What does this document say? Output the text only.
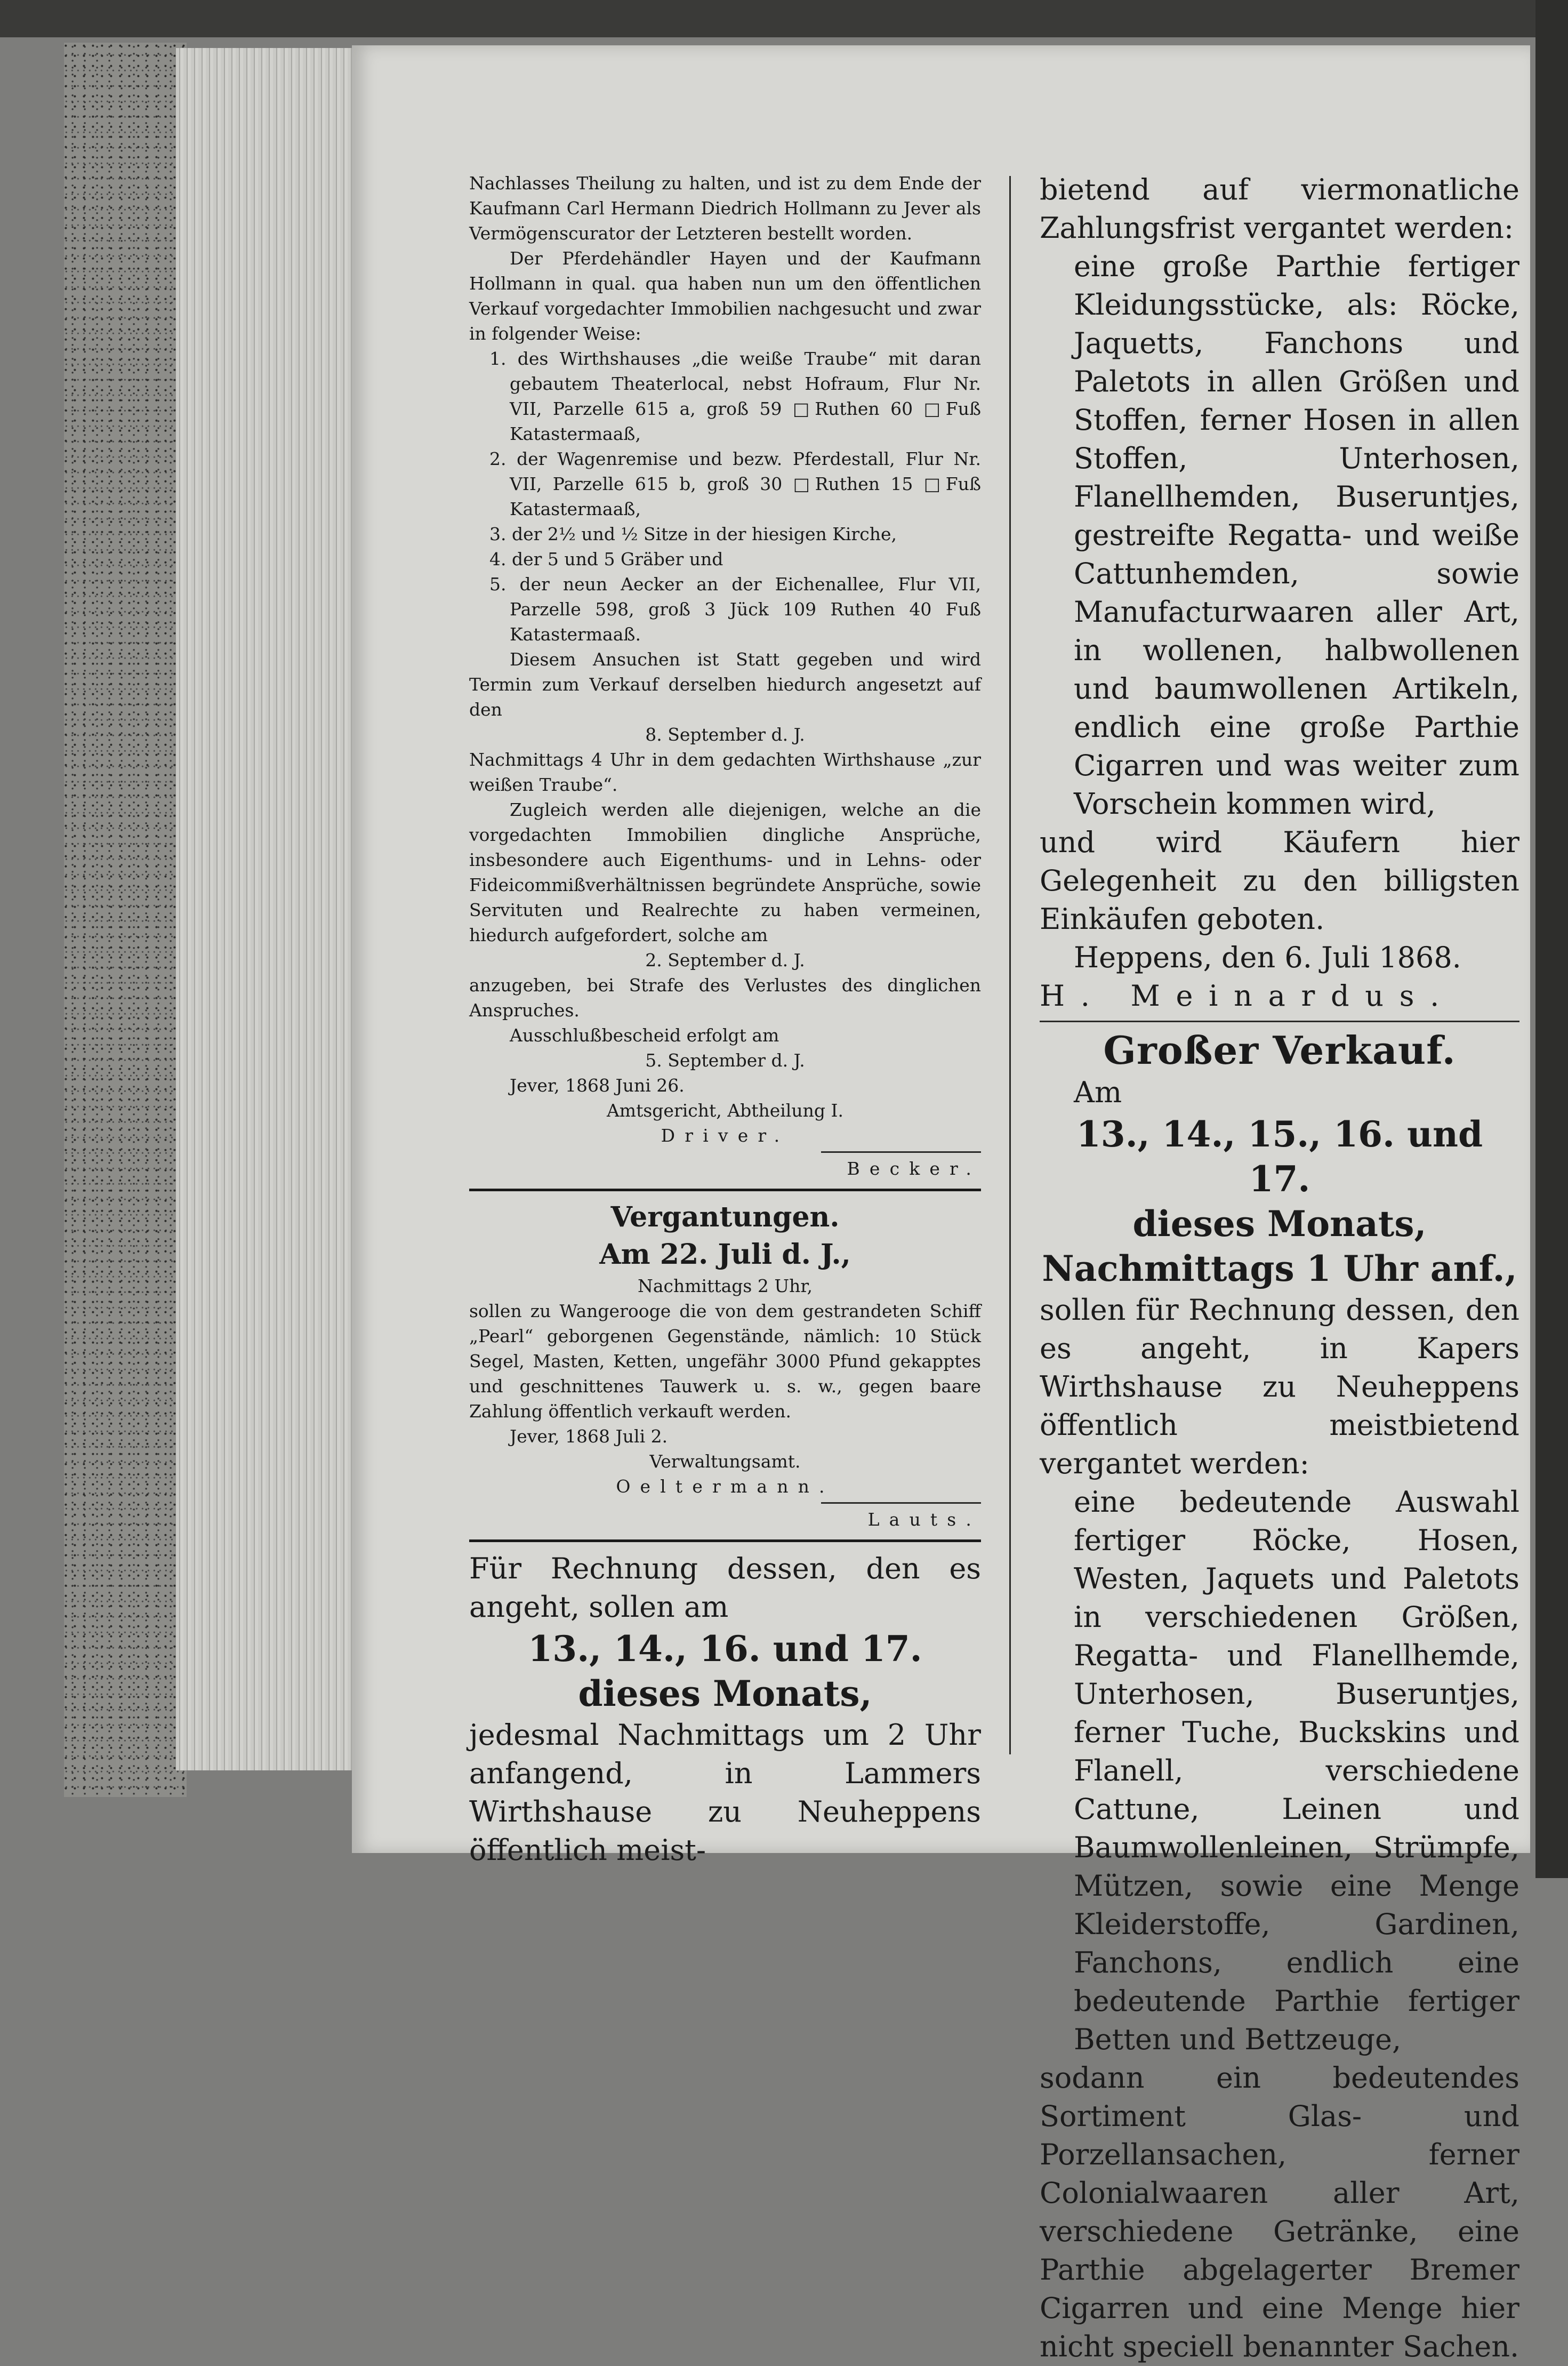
Nachlasses Theilung zu halten, und ist zu dem Ende der Kaufmann Carl Hermann Diedrich Hollmann zu Jever als Vermögenscurator der Letzteren bestellt worden.

Der Pferdehändler Hayen und der Kaufmann Hollmann in qual. qua haben nun um den öffentlichen Verkauf vorgedachter Immobilien nachgesucht und zwar in folgender Weise:

1. des Wirthshauses „die weiße Traube“ mit daran gebautem Theaterlocal, nebst Hofraum, Flur Nr. VII, Parzelle 615 a, groß 59 □Ruthen 60 □Fuß Katastermaaß,

2. der Wagenremise und bezw. Pferdestall, Flur Nr. VII, Parzelle 615 b, groß 30 □Ruthen 15 □Fuß Katastermaaß,

3. der 2½ und ½ Sitze in der hiesigen Kirche,

4. der 5 und 5 Gräber und

5. der neun Aecker an der Eichenallee, Flur VII, Parzelle 598, groß 3 Jück 109 Ruthen 40 Fuß Katastermaaß.

Diesem Ansuchen ist Statt gegeben und wird Termin zum Verkauf derselben hiedurch angesetzt auf den

8. September d. J.

Nachmittags 4 Uhr in dem gedachten Wirthshause „zur weißen Traube“.

Zugleich werden alle diejenigen, welche an die vorgedachten Immobilien dingliche Ansprüche, insbesondere auch Eigenthums- und in Lehns- oder Fideicommißverhältnissen begründete Ansprüche, sowie Servituten und Realrechte zu haben vermeinen, hiedurch aufgefordert, solche am

2. September d. J.

anzugeben, bei Strafe des Verlustes des dinglichen Anspruches.

Ausschlußbescheid erfolgt am

5. September d. J.

Jever, 1868 Juni 26.

Amtsgericht, Abtheilung I.

Driver.

Becker.

Vergantungen.

Am 22. Juli d. J.,

Nachmittags 2 Uhr,

sollen zu Wangerooge die von dem gestrandeten Schiff „Pearl“ geborgenen Gegenstände, nämlich: 10 Stück Segel, Masten, Ketten, ungefähr 3000 Pfund gekapptes und geschnittenes Tauwerk u. s. w., gegen baare Zahlung öffentlich verkauft werden.

Jever, 1868 Juli 2.

Verwaltungsamt.

Oeltermann.

Lauts.

Für Rechnung dessen, den es angeht, sollen am

13., 14., 16. und 17. dieses Monats,

jedesmal Nachmittags um 2 Uhr anfangend, in Lammers Wirthshause zu Neuheppens öffentlich meist-

bietend auf viermonatliche Zahlungsfrist vergantet werden:

eine große Parthie fertiger Kleidungsstücke, als: Röcke, Jaquetts, Fanchons und Paletots in allen Größen und Stoffen, ferner Hosen in allen Stoffen, Unterhosen, Flanellhemden, Buseruntjes, gestreifte Regatta- und weiße Cattunhemden, sowie Manufacturwaaren aller Art, in wollenen, halbwollenen und baumwollenen Artikeln, endlich eine große Parthie Cigarren und was weiter zum Vorschein kommen wird,

und wird Käufern hier Gelegenheit zu den billigsten Einkäufen geboten.

Heppens, den 6. Juli 1868.

H. Meinardus.

Großer Verkauf.

Am

13., 14., 15., 16. und 17.

dieses Monats,

Nachmittags 1 Uhr anf.,

sollen für Rechnung dessen, den es angeht, in Kapers Wirthshause zu Neuheppens öffentlich meistbietend vergantet werden:

eine bedeutende Auswahl fertiger Röcke, Hosen, Westen, Jaquets und Paletots in verschiedenen Größen, Regatta- und Flanellhemde, Unterhosen, Buseruntjes, ferner Tuche, Buckskins und Flanell, verschiedene Cattune, Leinen und Baumwollenleinen, Strümpfe, Mützen, sowie eine Menge Kleiderstoffe, Gardinen, Fanchons, endlich eine bedeutende Parthie fertiger Betten und Bettzeuge,

sodann ein bedeutendes Sortiment Glas- und Porzellansachen, ferner Colonialwaaren aller Art, verschiedene Getränke, eine Parthie abgelagerter Bremer Cigarren und eine Menge hier nicht speciell benannter Sachen.
